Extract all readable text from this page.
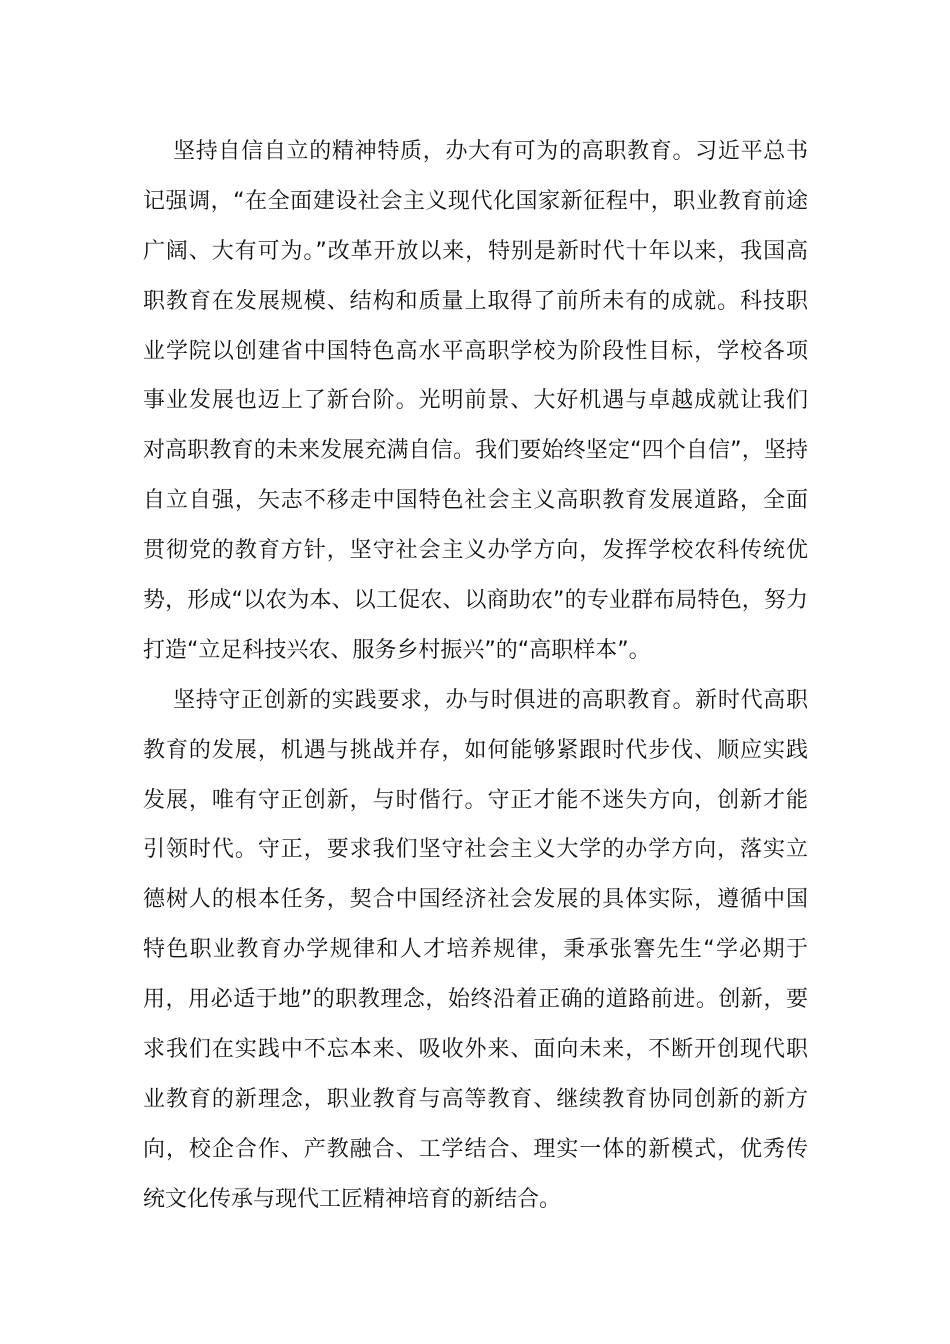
坚持自信自立的精神特质，办大有可为的高职教育。习近平总书
记强调，“在全面建设社会主义现代化国家新征程中，职业教育前途
广阔、大有可为。”改革开放以来，特别是新时代十年以来，我国高
职教育在发展规模、结构和质量上取得了前所未有的成就。科技职
业学院以创建省中国特色高水平高职学校为阶段性目标，学校各项
事业发展也迈上了新台阶。光明前景、大好机遇与卓越成就让我们
对高职教育的未来发展充满自信。我们要始终坚定“四个自信”，坚持
自立自强，矢志不移走中国特色社会主义高职教育发展道路，全面
贯彻党的教育方针，坚守社会主义办学方向，发挥学校农科传统优
势，形成“以农为本、以工促农、以商助农”的专业群布局特色，努力
打造“立足科技兴农、服务乡村振兴”的“高职样本”。
坚持守正创新的实践要求，办与时俱进的高职教育。新时代高职
教育的发展，机遇与挑战并存，如何能够紧跟时代步伐、顺应实践
发展，唯有守正创新，与时偕行。守正才能不迷失方向，创新才能
引领时代。守正，要求我们坚守社会主义大学的办学方向，落实立
德树人的根本任务，契合中国经济社会发展的具体实际，遵循中国
特色职业教育办学规律和人才培养规律，秉承张謇先生“学必期于
用，用必适于地”的职教理念，始终沿着正确的道路前进。创新，要
求我们在实践中不忘本来、吸收外来、面向未来，不断开创现代职
业教育的新理念，职业教育与高等教育、继续教育协同创新的新方
向，校企合作、产教融合、工学结合、理实一体的新模式，优秀传
统文化传承与现代工匠精神培育的新结合。
